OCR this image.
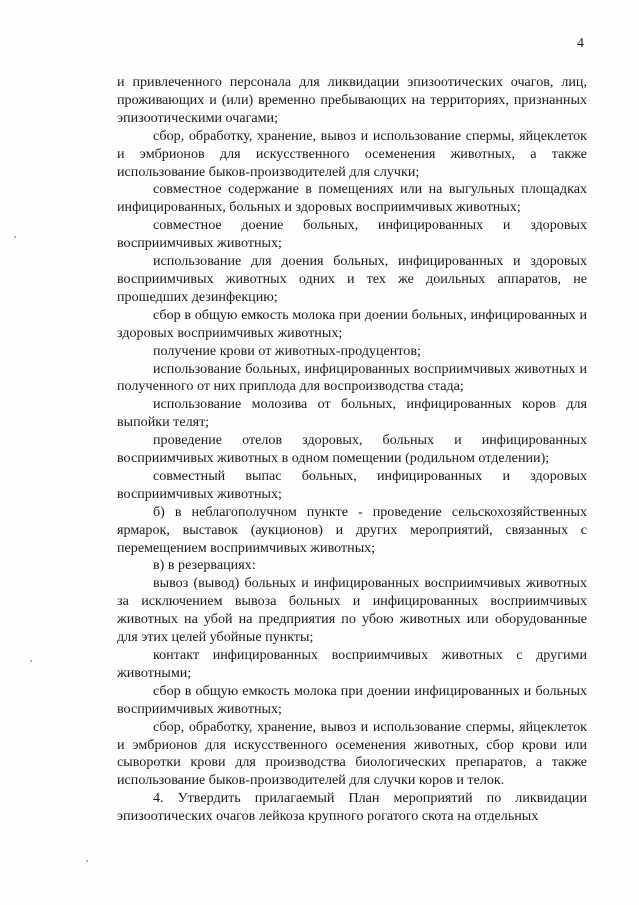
4

и привлеченного персонала для ликвидации эпизоотических очагов, лиц, проживающих и (или) временно пребывающих на территориях, признанных эпизоотическими очагами;

сбор, обработку, хранение, вывоз и использование спермы, яйцеклеток и эмбрионов для искусственного осеменения животных, а также использование быков-производителей для случки;

совместное содержание в помещениях или на выгульных площадках инфицированных, больных и здоровых восприимчивых животных;

совместное доение больных, инфицированных и здоровых восприимчивых животных;

использование для доения больных, инфицированных и здоровых восприимчивых животных одних и тех же доильных аппаратов, не прошедших дезинфекцию;

сбор в общую емкость молока при доении больных, инфицированных и здоровых восприимчивых животных;

получение крови от животных-продуцентов;

использование больных, инфицированных восприимчивых животных и полученного от них приплода для воспроизводства стада;

использование молозива от больных, инфицированных коров для выпойки телят;

проведение отелов здоровых, больных и инфицированных восприимчивых животных в одном помещении (родильном отделении);

совместный выпас больных, инфицированных и здоровых восприимчивых животных;

б) в неблагополучном пункте - проведение сельскохозяйственных ярмарок, выставок (аукционов) и других мероприятий, связанных с перемещением восприимчивых животных;

в) в резервациях:

вывоз (вывод) больных и инфицированных восприимчивых животных за исключением вывоза больных и инфицированных восприимчивых животных на убой на предприятия по убою животных или оборудованные для этих целей убойные пункты;

контакт инфицированных восприимчивых животных с другими животными;

сбор в общую емкость молока при доении инфицированных и больных восприимчивых животных;

сбор, обработку, хранение, вывоз и использование спермы, яйцеклеток и эмбрионов для искусственного осеменения животных, сбор крови или сыворотки крови для производства биологических препаратов, а также использование быков-производителей для случки коров и телок.

4. Утвердить прилагаемый План мероприятий по ликвидации эпизоотических очагов лейкоза крупного рогатого скота на отдельных
